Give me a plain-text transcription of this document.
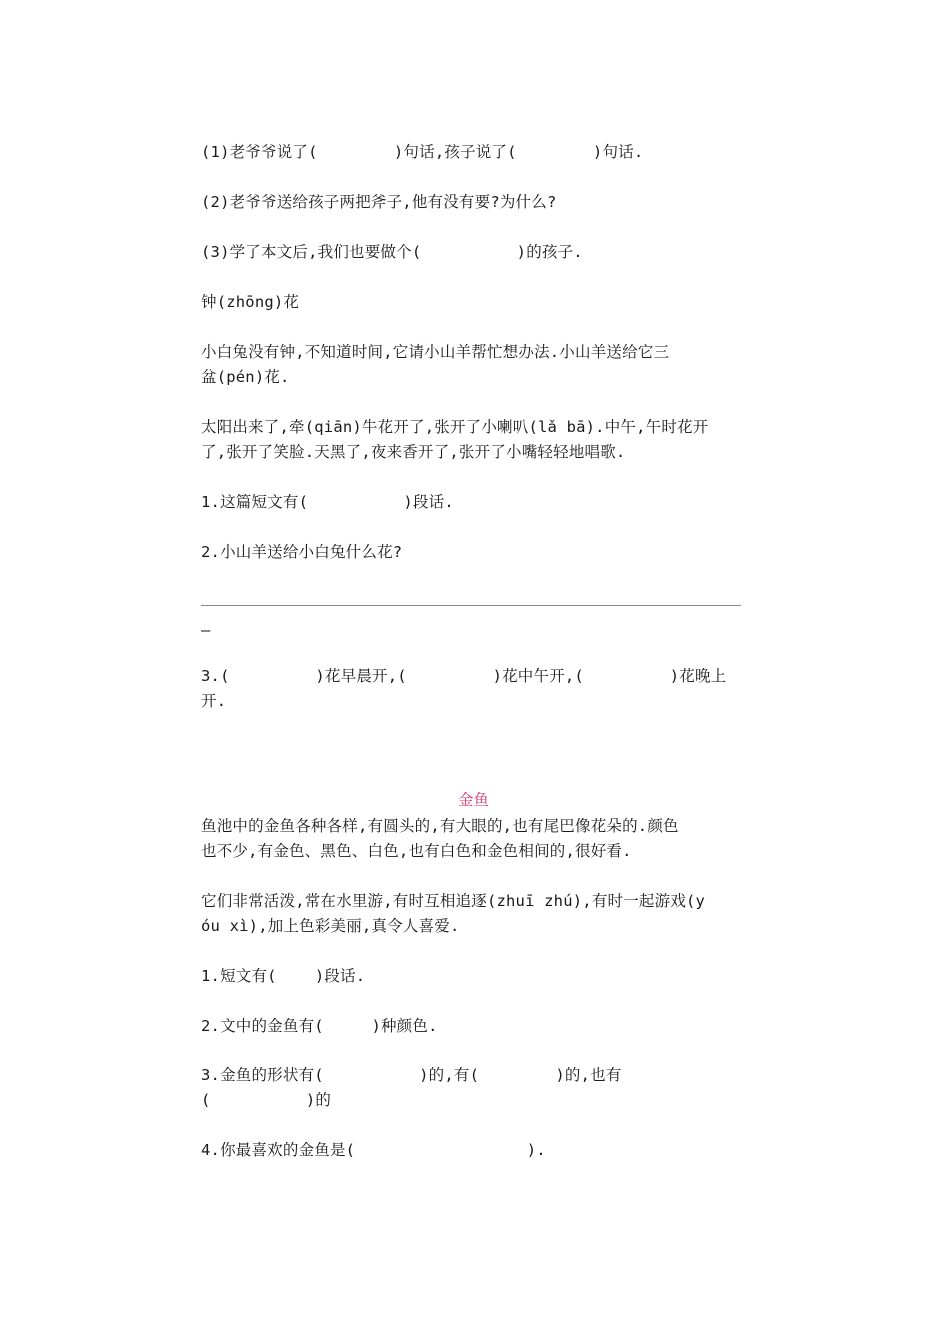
(1)老爷爷说了(        )句话,孩子说了(        )句话.

(2)老爷爷送给孩子两把斧子,他有没有要?为什么?

(3)学了本文后,我们也要做个(          )的孩子.

钟(zhōng)花

小白兔没有钟,不知道时间,它请小山羊帮忙想办法.小山羊送给它三

盆(pén)花.

太阳出来了,牵(qiān)牛花开了,张开了小喇叭(lǎ bā).中午,午时花开

了,张开了笑脸.天黑了,夜来香开了,张开了小嘴轻轻地唱歌.

1.这篇短文有(          )段话.

2.小山羊送给小白兔什么花?

—

3.(         )花早晨开,(         )花中午开,(         )花晚上

开.

金鱼

鱼池中的金鱼各种各样,有圆头的,有大眼的,也有尾巴像花朵的.颜色

也不少,有金色、黑色、白色,也有白色和金色相间的,很好看.

它们非常活泼,常在水里游,有时互相追逐(zhuī zhú),有时一起游戏(y

óu xì),加上色彩美丽,真令人喜爱.

1.短文有(    )段话.

2.文中的金鱼有(     )种颜色.

3.金鱼的形状有(          )的,有(        )的,也有

(          )的

4.你最喜欢的金鱼是(                  ).
